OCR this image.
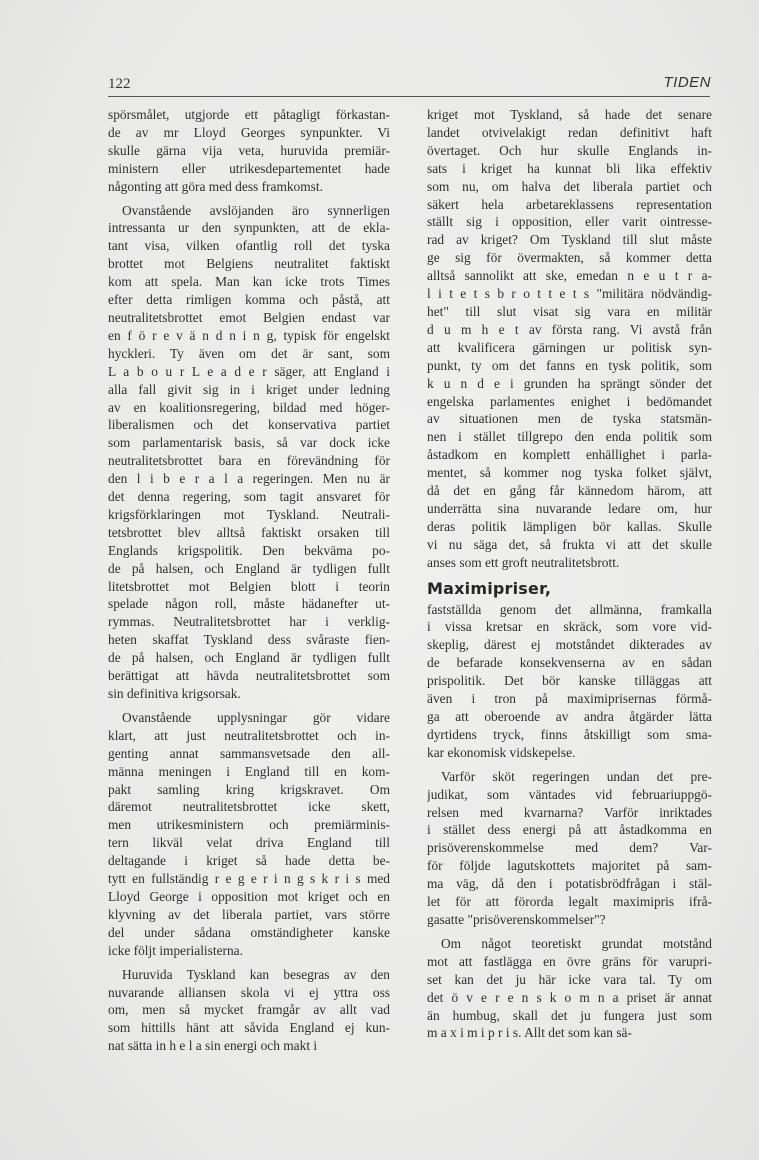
122	TIDEN
spörsmålet, utgjorde ett påtagligt förkastan-
de av mr Lloyd Georges synpunkter. Vi
skulle gärna vija veta, huruvida premiär-
ministern eller utrikesdepartementet hade
någonting att göra med dess framkomst.
Ovanstående avslöjanden äro synnerligen
intressanta ur den synpunkten, att de ekla-
tant visa, vilken ofantlig roll det tyska
brottet mot Belgiens neutralitet faktiskt
kom att spela. Man kan icke trots Times
efter detta rimligen komma och påstå, att
neutralitetsbrottet emot Belgien endast var
en f ö r e v ä n d n i n g, typisk för engelskt
hyckleri. Ty även om det är sant, som
L a b o u r L e a d e r säger, att England i
alla fall givit sig in i kriget under ledning
av en koalitionsregering, bildad med höger-
liberalismen och det konservativa partiet
som parlamentarisk basis, så var dock icke
neutralitetsbrottet bara en förevändning för
den l i b e r a l a regeringen. Men nu är
det denna regering, som tagit ansvaret för
krigsförklaringen mot Tyskland. Neutrali-
tetsbrottet blev alltså faktiskt orsaken till
Englands krigspolitik. Den bekväma po-
de på halsen, och England är tydligen fullt
litetsbrottet mot Belgien blott i teorin
spelade någon roll, måste hädanefter ut-
rymmas. Neutralitetsbrottet har i verklig-
heten skaffat Tyskland dess svåraste fien-
de på halsen, och England är tydligen fullt
berättigat att hävda neutralitetsbrottet som
sin definitiva krigsorsak.
Ovanstående upplysningar gör vidare
klart, att just neutralitetsbrottet och in-
genting annat sammansvetsade den all-
männa meningen i England till en kom-
pakt samling kring krigskravet. Om
däremot neutralitetsbrottet icke skett,
men utrikesministern och premiärminis-
tern likväl velat driva England till
deltagande i kriget så hade detta be-
tytt en fullständig r e g e r i n g s k r i s med
Lloyd George i opposition mot kriget och en
klyvning av det liberala partiet, vars större
del under sådana omständigheter kanske
icke följt imperialisterna.
Huruvida Tyskland kan besegras av den
nuvarande alliansen skola vi ej yttra oss
om, men så mycket framgår av allt vad
som hittills hänt att såvida England ej kun-
nat sätta in h e l a sin energi och makt i
kriget mot Tyskland, så hade det senare
landet otvivelakigt redan definitivt haft
övertaget. Och hur skulle Englands in-
sats i kriget ha kunnat bli lika effektiv
som nu, om halva det liberala partiet och
säkert hela arbetareklassens representation
ställt sig i opposition, eller varit ointresse-
rad av kriget? Om Tyskland till slut måste
ge sig för övermakten, så kommer detta
alltså sannolikt att ske, emedan n e u t r a-
l i t e t s b r o t t e t s "militära nödvändig-
het" till slut visat sig vara en militär
d u m h e t av första rang. Vi avstå från
att kvalificera gärningen ur politisk syn-
punkt, ty om det fanns en tysk politik, som
k u n d e i grunden ha sprängt sönder det
engelska parlamentes enighet i bedömandet
av situationen men de tyska statsmän-
nen i stället tillgrepo den enda politik som
åstadkom en komplett enhällighet i parla-
mentet, så kommer nog tyska folket självt,
då det en gång får kännedom härom, att
underrätta sina nuvarande ledare om, hur
deras politik lämpligen bör kallas. Skulle
vi nu säga det, så frukta vi att det skulle
anses som ett groft neutralitetsbrott.
Maximipriser,
fastställda genom det allmänna, framkalla
i vissa kretsar en skräck, som vore vid-
skeplig, därest ej motståndet dikterades av
de befarade konsekvenserna av en sådan
prispolitik. Det bör kanske tilläggas att
även i tron på maximiprisernas förmå-
ga att oberoende av andra åtgärder lätta
dyrtidens tryck, finns åtskilligt som sma-
kar ekonomisk vidskepelse.
Varför sköt regeringen undan det pre-
judikat, som väntades vid februariuppgö-
relsen med kvarnarna? Varför inriktades
i stället dess energi på att åstadkomma en
prisöverenskommelse med dem? Var-
för följde lagutskottets majoritet på sam-
ma väg, då den i potatisbrödfrågan i stäl-
let för att förorda legalt maximipris ifrå-
gasatte "prisöverenskommelser"?
Om något teoretiskt grundat motstånd
mot att fastlägga en övre gräns för varupri-
set kan det ju här icke vara tal. Ty om
det ö v e r e n s k o m n a priset är annat
än humbug, skall det ju fungera just som
m a x i m i p r i s. Allt det som kan sä-
